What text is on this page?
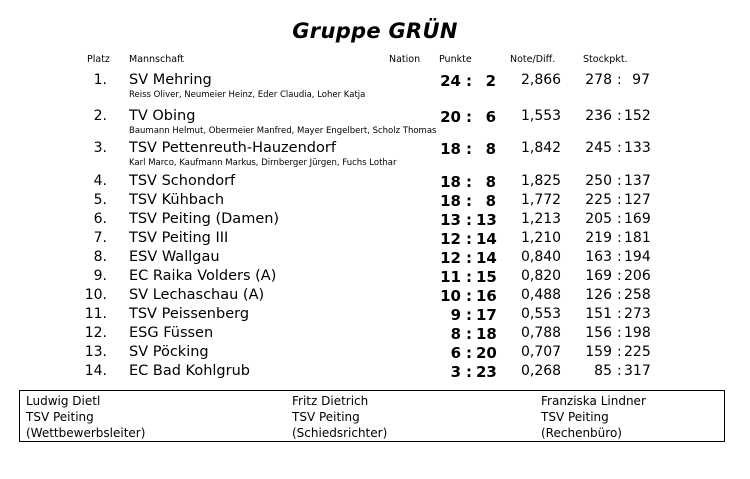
Gruppe GRÜN
Platz Mannschaft	Nation Punkte	Note/Diff.	Stockpkt.
1. SV Mehring
Reiss Oliver, Neumeier Heinz, Eder Claudia, Loher Katja
24 : 2 2,866 278 : 97
2. TV Obing
Baumann Helmut, Obermeier Manfred, Mayer Engelbert, Scholz Thomas
20 : 6 1,553 236 : 152
3. TSV Pettenreuth-Hauzendorf
Karl Marco, Kaufmann Markus, Dirnberger Jürgen, Fuchs Lothar
18 : 8 1,842 245 : 133
4. TSV Schondorf	18 : 8 1,825 250 : 137
5. TSV Kühbach	18 : 8 1,772 225 : 127
6. TSV Peiting (Damen)	13 : 13 1,213 205 : 169
7. TSV Peiting III	12 : 14 1,210 219 : 181
8. ESV Wallgau	12 : 14 0,840 163 : 194
9. EC Raika Volders (A)	11 : 15 0,820 169 : 206
10. SV Lechaschau (A)	10 : 16 0,488 126 : 258
11. TSV Peissenberg	9 : 17 0,553 151 : 273
12. ESG Füssen	8 : 18 0,788 156 : 198
13. SV Pöcking	6 : 20 0,707 159 : 225
14. EC Bad Kohlgrub	3 : 23 0,268	85 : 317
Ludwig Dietl
TSV Peiting
(Wettbewerbsleiter)
Fritz Dietrich
TSV Peiting
(Schiedsrichter)
Franziska Lindner
TSV Peiting
(Rechenbüro)
